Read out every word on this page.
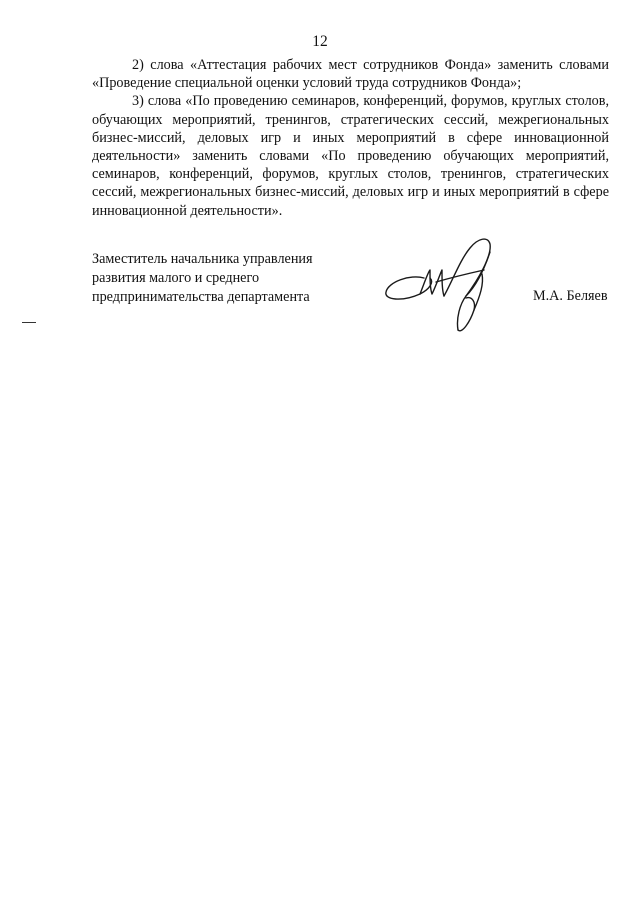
12

2) слова «Аттестация рабочих мест сотрудников Фонда» заменить словами «Проведение специальной оценки условий труда сотрудников Фонда»;

3) слова «По проведению семинаров, конференций, форумов, круглых столов, обучающих мероприятий, тренингов, стратегических сессий, межрегиональных бизнес-миссий, деловых игр и иных мероприятий в сфере инновационной деятельности» заменить словами «По проведению обучающих мероприятий, семинаров, конференций, форумов, круглых столов, тренингов, стратегических сессий, межрегиональных бизнес-миссий, деловых игр и иных мероприятий в сфере инновационной деятельности».

Заместитель начальника управления
развития малого и среднего
предпринимательства департамента	М.А. Беляев
